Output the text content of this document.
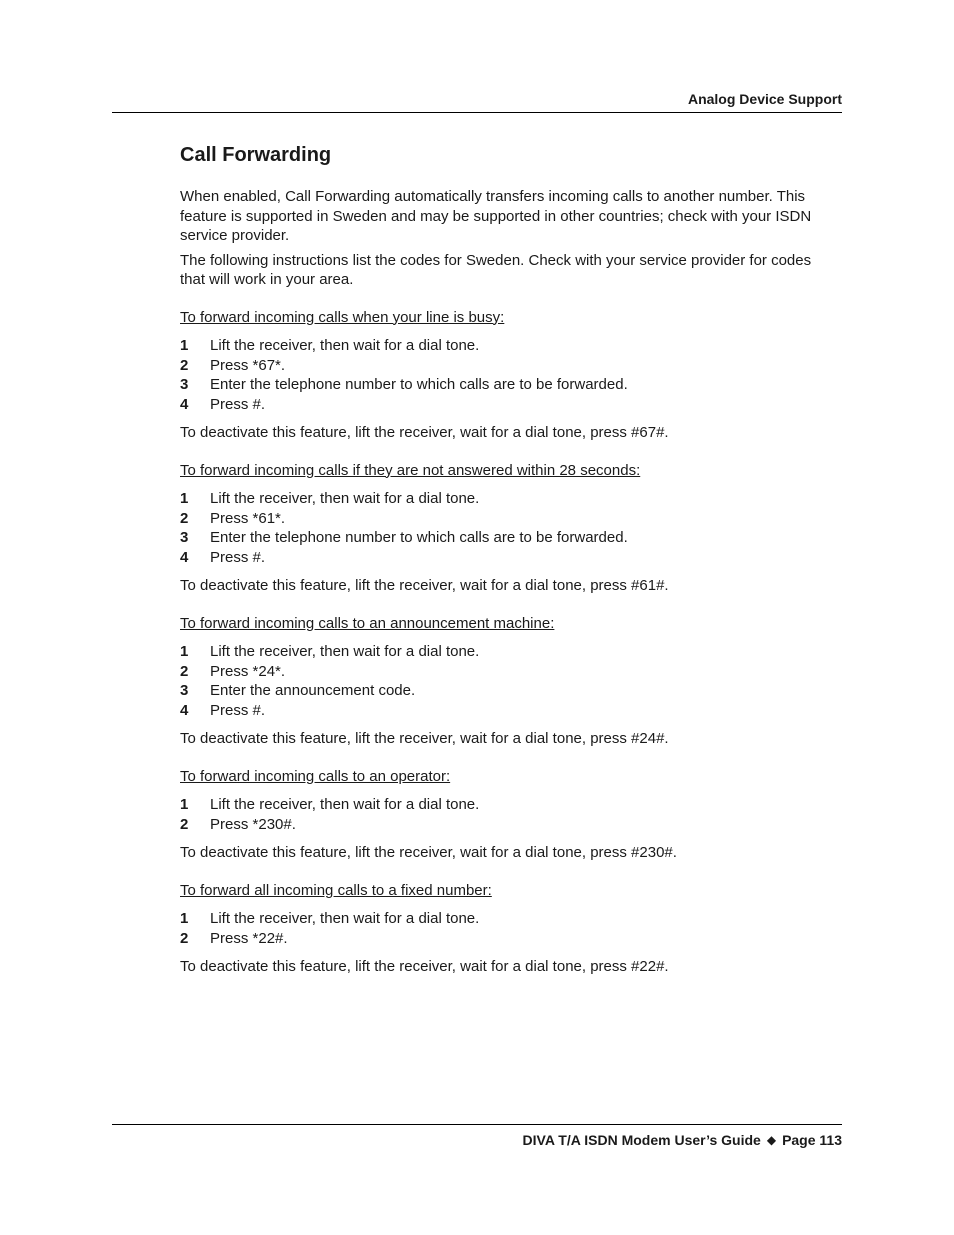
Analog Device Support
Call Forwarding

When enabled, Call Forwarding automatically transfers incoming calls to another number. This feature is supported in Sweden and may be supported in other countries; check with your ISDN service provider.

The following instructions list the codes for Sweden. Check with your service provider for codes that will work in your area.

To forward incoming calls when your line is busy:
1	Lift the receiver, then wait for a dial tone.
2	Press *67*.
3	Enter the telephone number to which calls are to be forwarded.
4	Press #.

To deactivate this feature, lift the receiver, wait for a dial tone, press #67#.

To forward incoming calls if they are not answered within 28 seconds:
1	Lift the receiver, then wait for a dial tone.
2	Press *61*.
3	Enter the telephone number to which calls are to be forwarded.
4	Press #.

To deactivate this feature, lift the receiver, wait for a dial tone, press #61#.

To forward incoming calls to an announcement machine:
1	Lift the receiver, then wait for a dial tone.
2	Press *24*.
3	Enter the announcement code.
4	Press #.

To deactivate this feature, lift the receiver, wait for a dial tone, press #24#.

To forward incoming calls to an operator:
1	Lift the receiver, then wait for a dial tone.
2	Press *230#.

To deactivate this feature, lift the receiver, wait for a dial tone, press #230#.

To forward all incoming calls to a fixed number:
1	Lift the receiver, then wait for a dial tone.
2	Press *22#.

To deactivate this feature, lift the receiver, wait for a dial tone, press #22#.

DIVA T/A ISDN Modem User’s Guide ◆ Page 113
